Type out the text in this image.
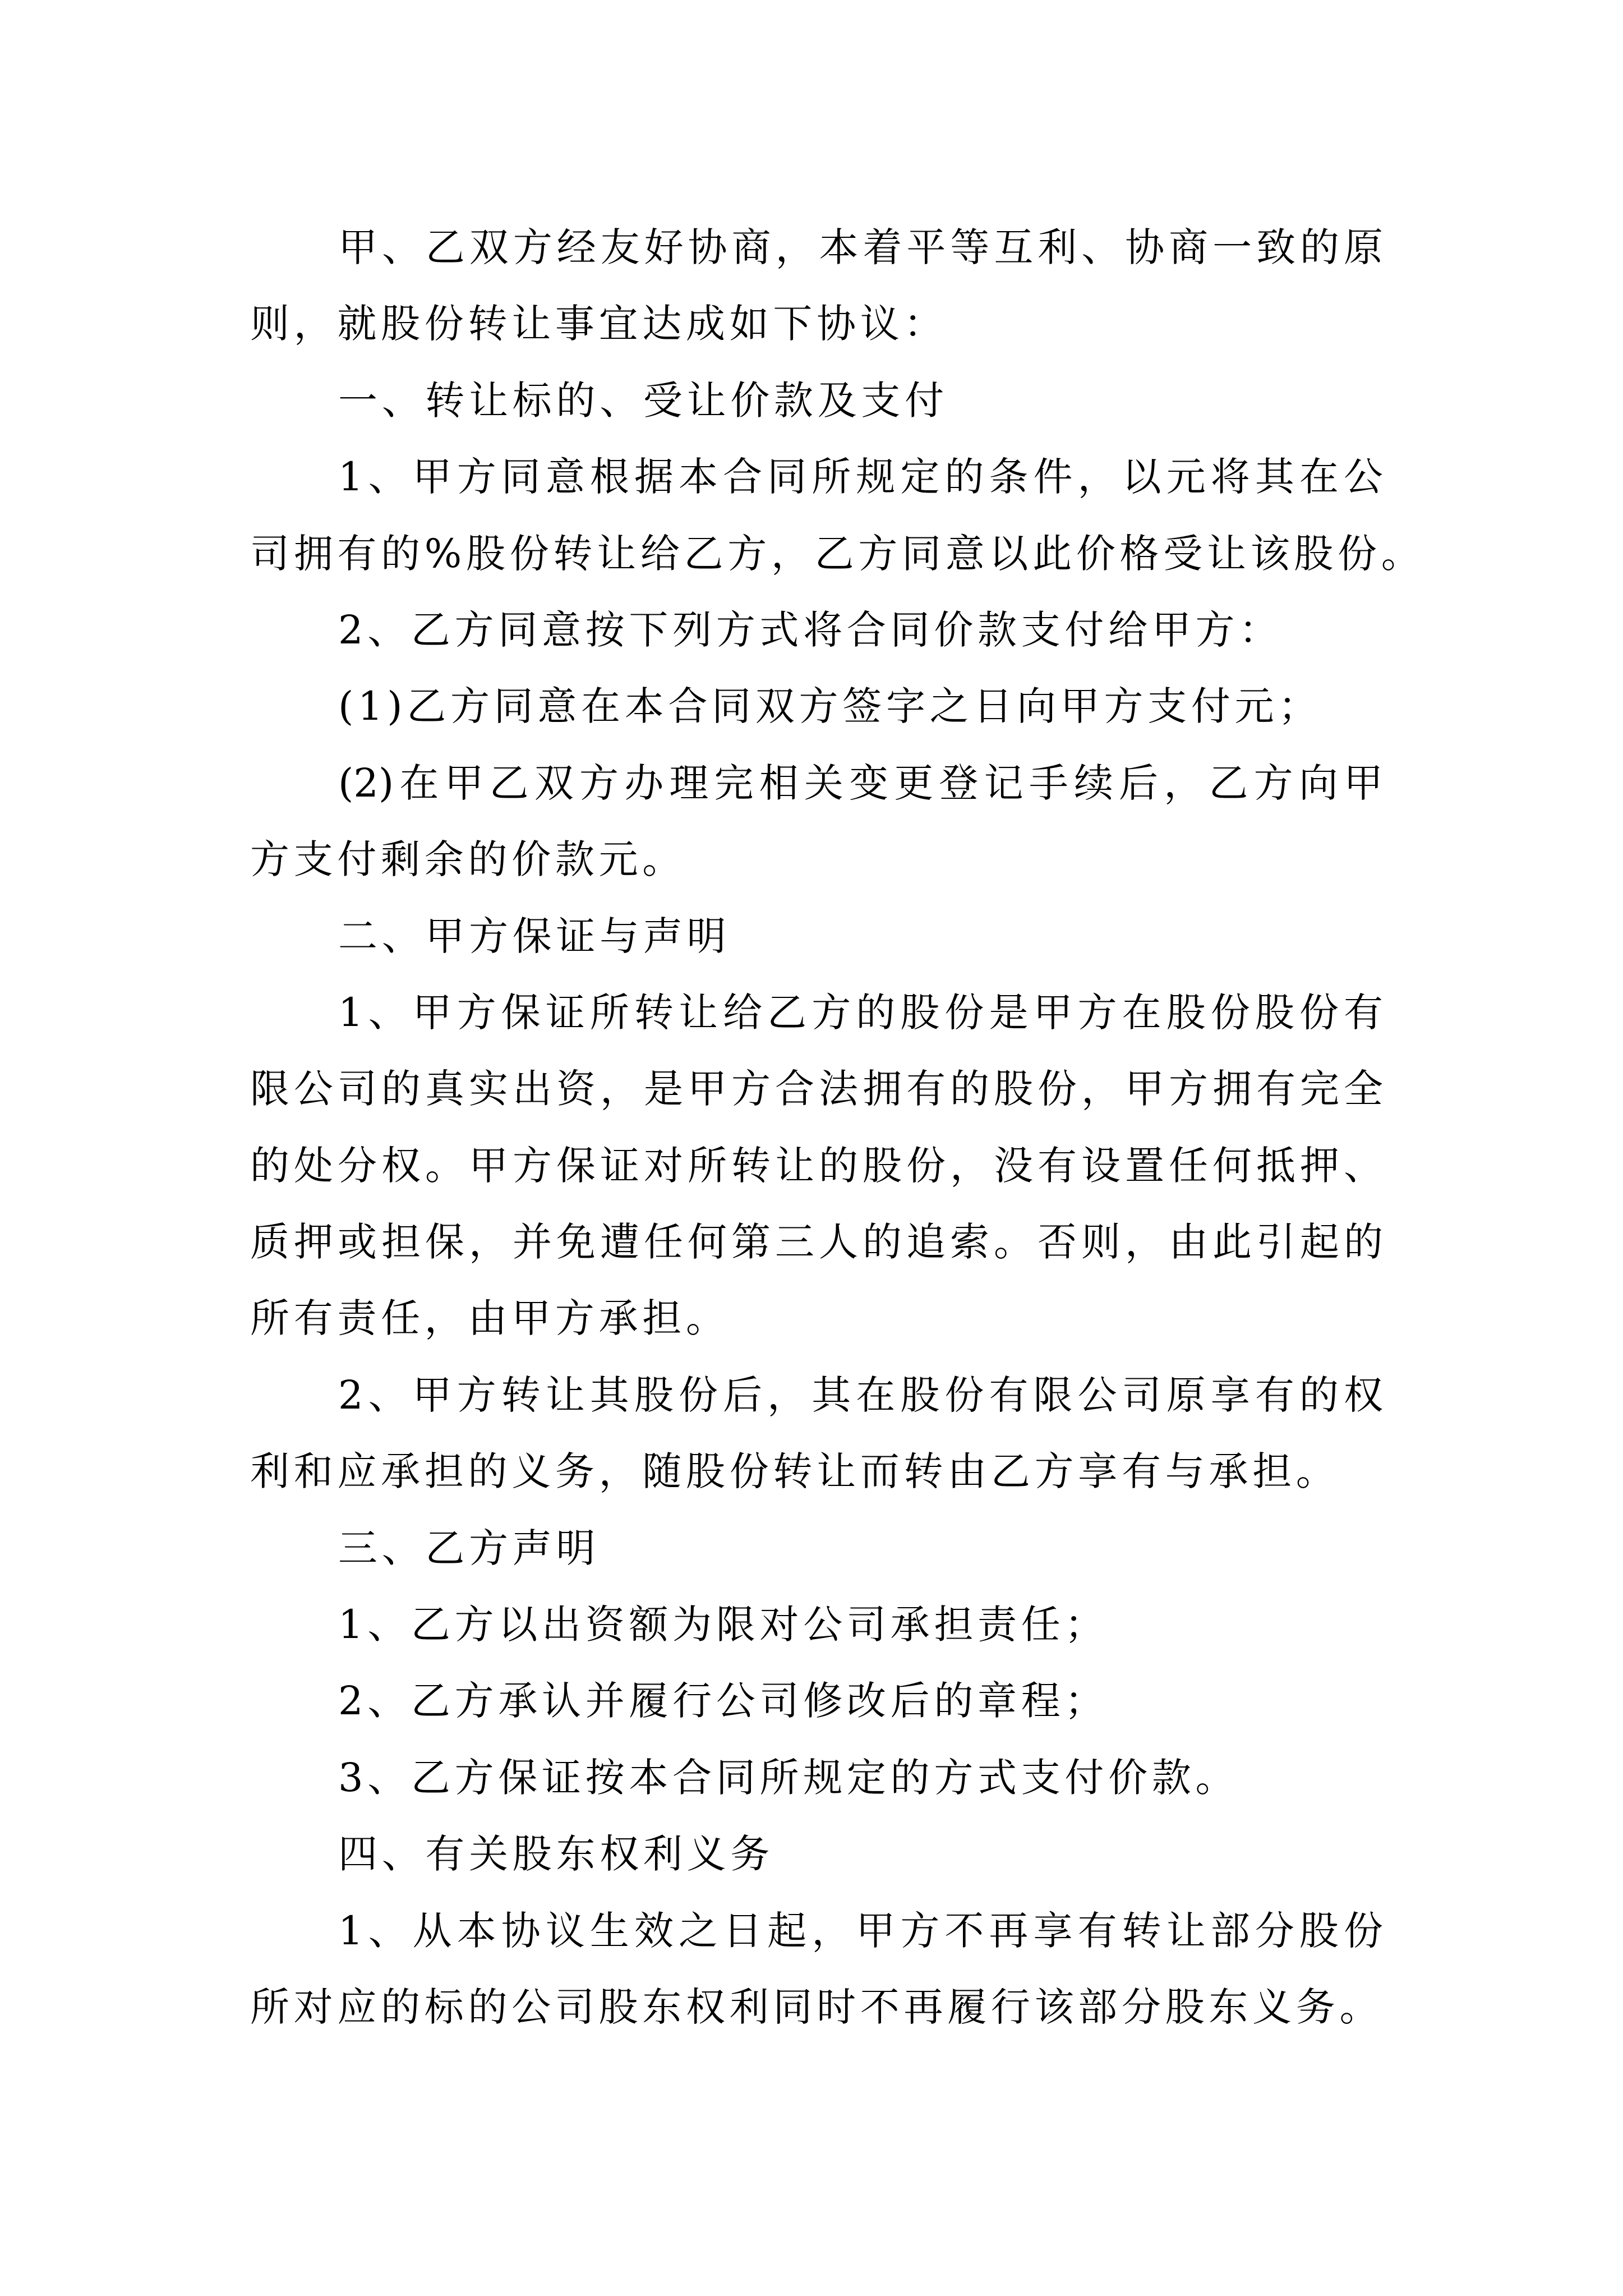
甲、乙双方经友好协商，本着平等互利、协商一致的原
则，就股份转让事宜达成如下协议：
一、转让标的、受让价款及支付
1、甲方同意根据本合同所规定的条件，以元将其在公
司拥有的%股份转让给乙方，乙方同意以此价格受让该股份。
2、乙方同意按下列方式将合同价款支付给甲方：
(1)乙方同意在本合同双方签字之日向甲方支付元；
(2)在甲乙双方办理完相关变更登记手续后，乙方向甲
方支付剩余的价款元。
二、甲方保证与声明
1、甲方保证所转让给乙方的股份是甲方在股份股份有
限公司的真实出资，是甲方合法拥有的股份，甲方拥有完全
的处分权。甲方保证对所转让的股份，没有设置任何抵押、
质押或担保，并免遭任何第三人的追索。否则，由此引起的
所有责任，由甲方承担。
2、甲方转让其股份后，其在股份有限公司原享有的权
利和应承担的义务，随股份转让而转由乙方享有与承担。
三、乙方声明
1、乙方以出资额为限对公司承担责任；
2、乙方承认并履行公司修改后的章程；
3、乙方保证按本合同所规定的方式支付价款。
四、有关股东权利义务
1、从本协议生效之日起，甲方不再享有转让部分股份
所对应的标的公司股东权利同时不再履行该部分股东义务。
